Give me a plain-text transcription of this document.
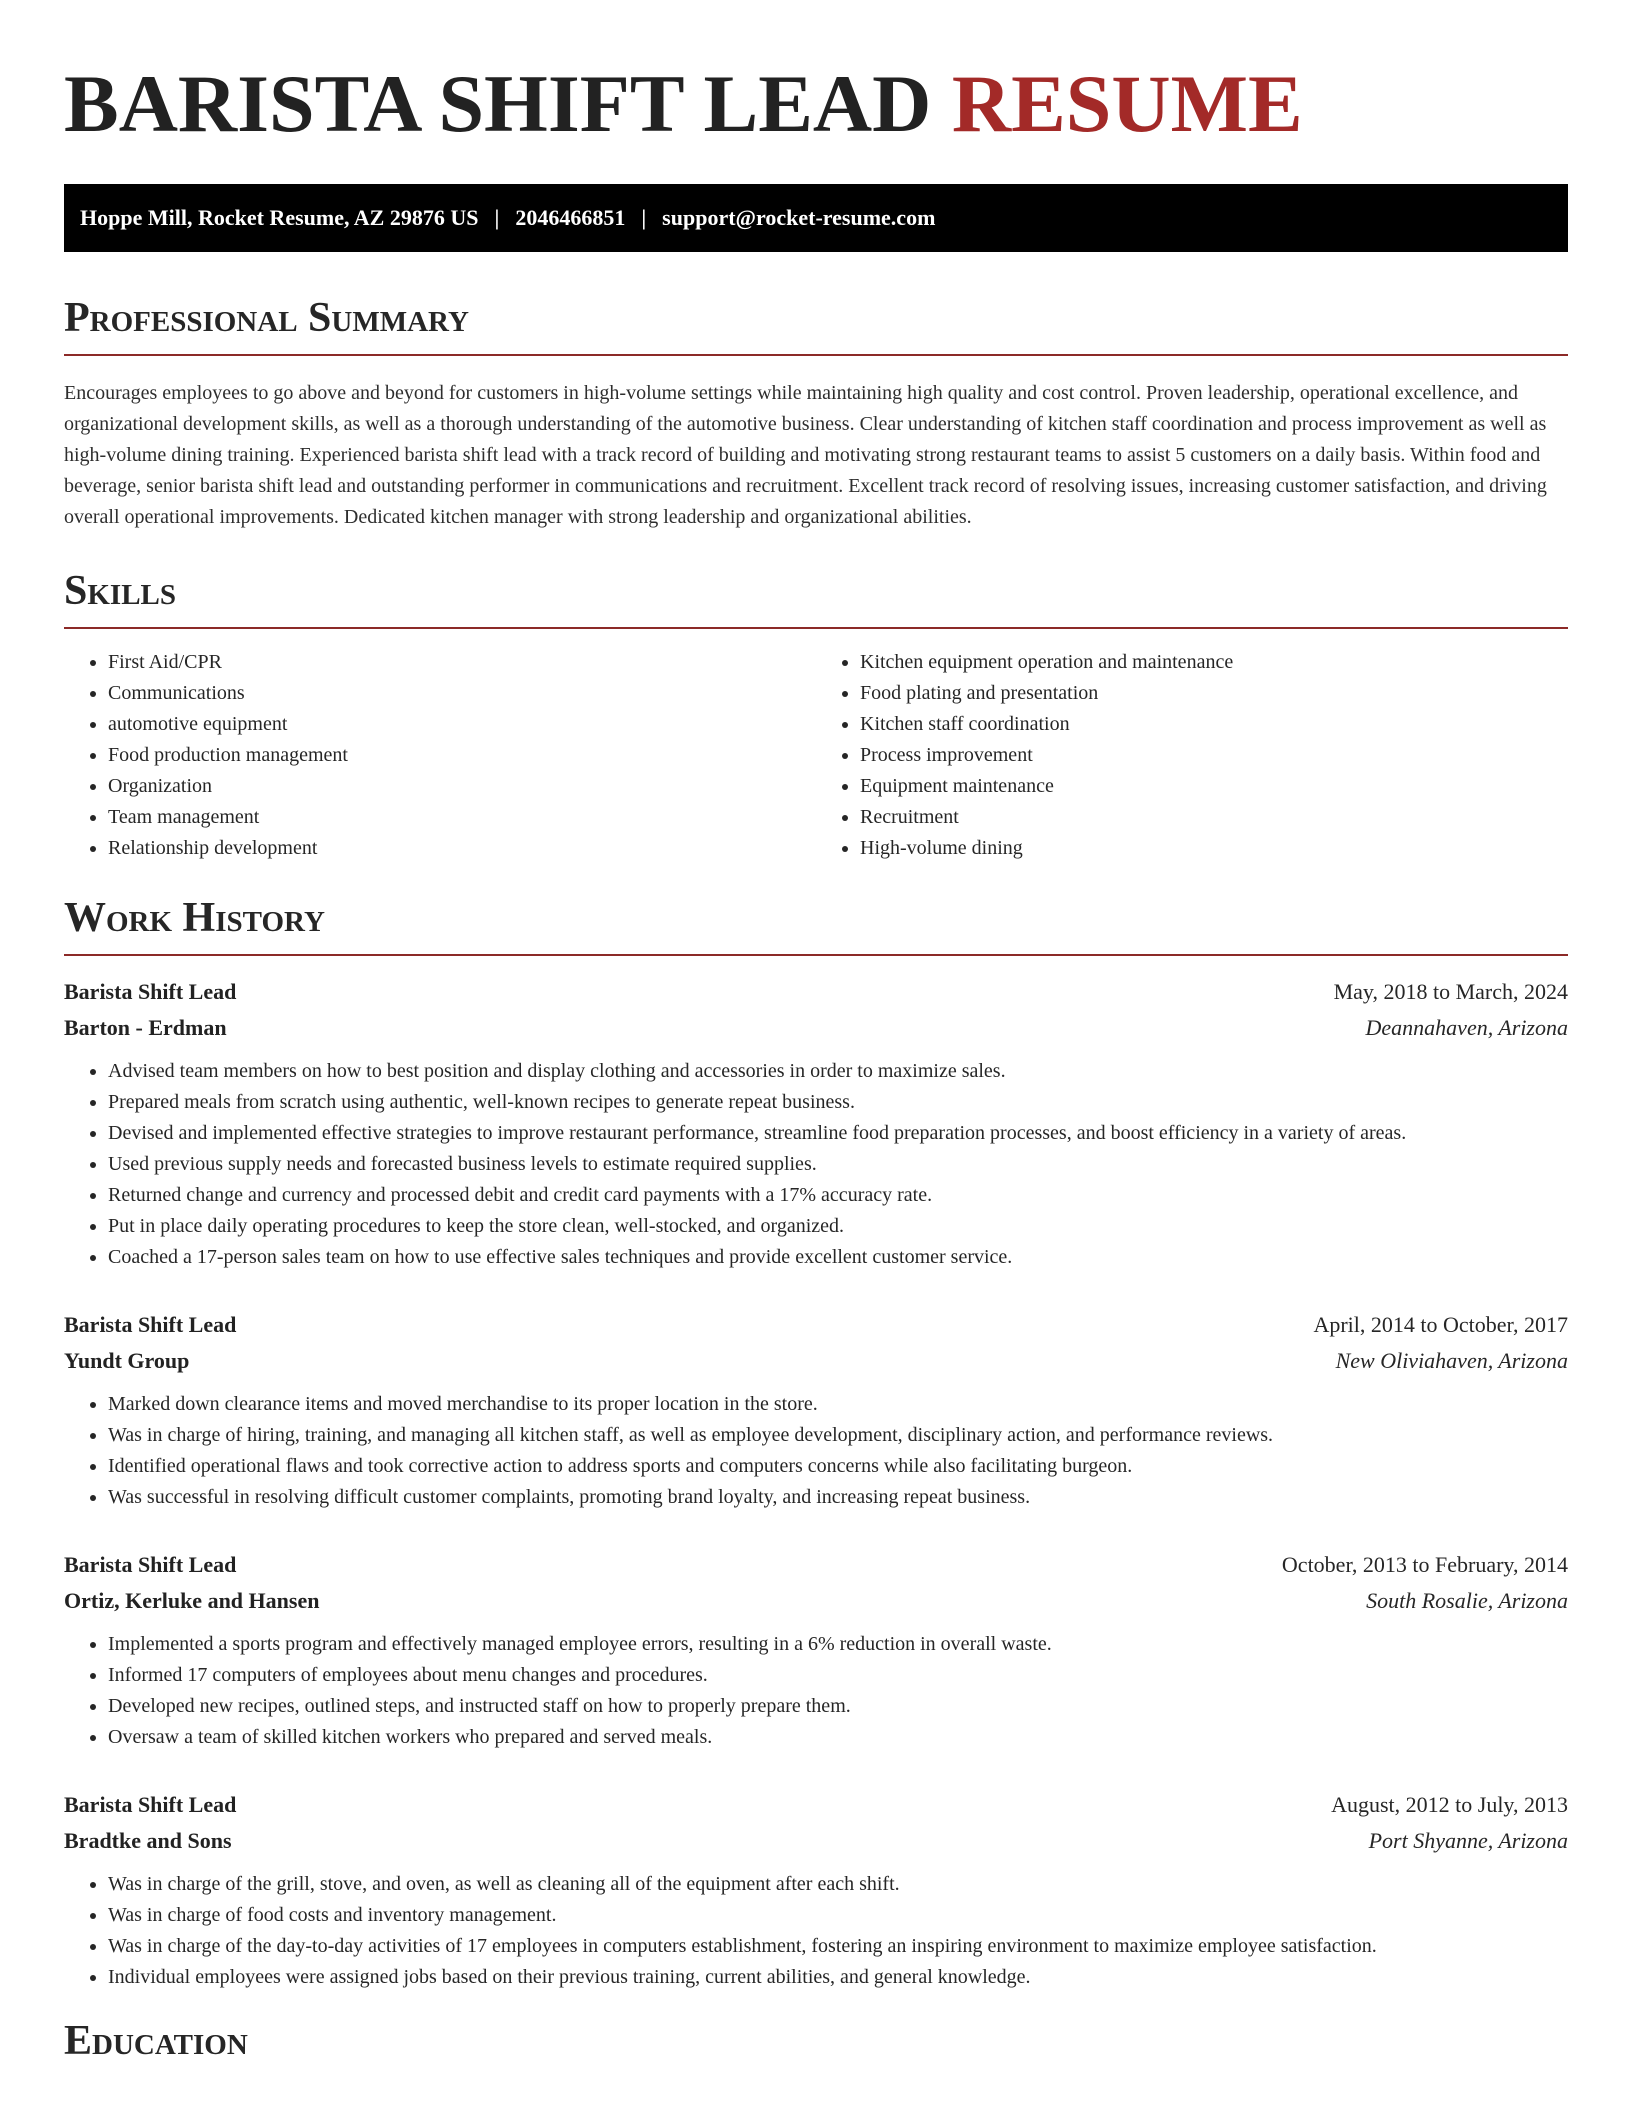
BARISTA SHIFT LEAD RESUME
Hoppe Mill, Rocket Resume, AZ 29876 US | 2046466851 | support@rocket-resume.com
Professional Summary

Encourages employees to go above and beyond for customers in high-volume settings while maintaining high quality and cost control. Proven leadership, operational excellence, and organizational development skills, as well as a thorough understanding of the automotive business. Clear understanding of kitchen staff coordination and process improvement as well as high-volume dining training. Experienced barista shift lead with a track record of building and motivating strong restaurant teams to assist 5 customers on a daily basis. Within food and beverage, senior barista shift lead and outstanding performer in communications and recruitment. Excellent track record of resolving issues, increasing customer satisfaction, and driving overall operational improvements. Dedicated kitchen manager with strong leadership and organizational abilities.

Skills
• First Aid/CPR
• Communications
• automotive equipment
• Food production management
• Organization
• Team management
• Relationship development
• Kitchen equipment operation and maintenance
• Food plating and presentation
• Kitchen staff coordination
• Process improvement
• Equipment maintenance
• Recruitment
• High-volume dining
Work History
Barista Shift Lead	May, 2018 to March, 2024
Barton - Erdman	Deannahaven, Arizona
• Advised team members on how to best position and display clothing and accessories in order to maximize sales.
• Prepared meals from scratch using authentic, well-known recipes to generate repeat business.
• Devised and implemented effective strategies to improve restaurant performance, streamline food preparation processes, and boost efficiency in a variety of areas.
• Used previous supply needs and forecasted business levels to estimate required supplies.
• Returned change and currency and processed debit and credit card payments with a 17% accuracy rate.
• Put in place daily operating procedures to keep the store clean, well-stocked, and organized.
• Coached a 17-person sales team on how to use effective sales techniques and provide excellent customer service.
Barista Shift Lead	April, 2014 to October, 2017
Yundt Group	New Oliviahaven, Arizona
• Marked down clearance items and moved merchandise to its proper location in the store.
• Was in charge of hiring, training, and managing all kitchen staff, as well as employee development, disciplinary action, and performance reviews.
• Identified operational flaws and took corrective action to address sports and computers concerns while also facilitating burgeon.
• Was successful in resolving difficult customer complaints, promoting brand loyalty, and increasing repeat business.
Barista Shift Lead	October, 2013 to February, 2014
Ortiz, Kerluke and Hansen	South Rosalie, Arizona
• Implemented a sports program and effectively managed employee errors, resulting in a 6% reduction in overall waste.
• Informed 17 computers of employees about menu changes and procedures.
• Developed new recipes, outlined steps, and instructed staff on how to properly prepare them.
• Oversaw a team of skilled kitchen workers who prepared and served meals.
Barista Shift Lead	August, 2012 to July, 2013
Bradtke and Sons	Port Shyanne, Arizona
• Was in charge of the grill, stove, and oven, as well as cleaning all of the equipment after each shift.
• Was in charge of food costs and inventory management.
• Was in charge of the day-to-day activities of 17 employees in computers establishment, fostering an inspiring environment to maximize employee satisfaction.
• Individual employees were assigned jobs based on their previous training, current abilities, and general knowledge.
Education
